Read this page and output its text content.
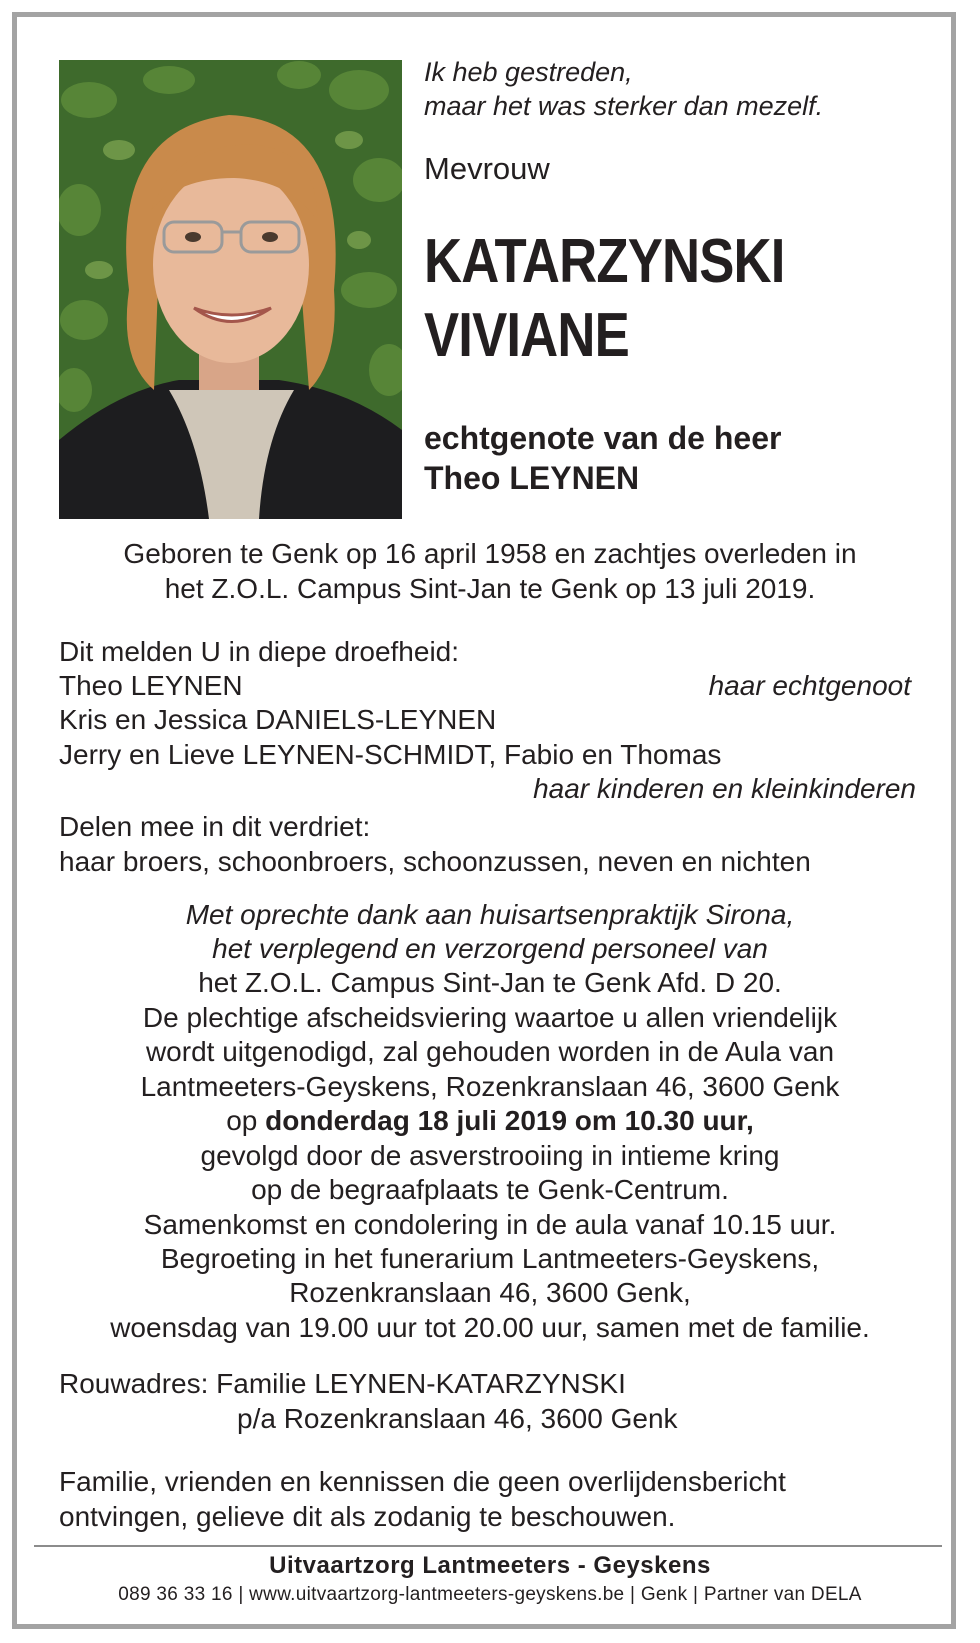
Ik heb gestreden,
maar het was sterker dan mezelf.
Mevrouw
KATARZYNSKI
VIVIANE
echtgenote van de heer
Theo LEYNEN
Geboren te Genk op 16 april 1958 en zachtjes overleden in
het Z.O.L. Campus Sint-Jan te Genk op 13 juli 2019.
Dit melden U in diepe droefheid:
Theo LEYNEN	haar echtgenoot
Kris en Jessica DANIELS-LEYNEN
Jerry en Lieve LEYNEN-SCHMIDT, Fabio en Thomas
haar kinderen en kleinkinderen
Delen mee in dit verdriet:
haar broers, schoonbroers, schoonzussen, neven en nichten
Met oprechte dank aan huisartsenpraktijk Sirona,
het verplegend en verzorgend personeel van
het Z.O.L. Campus Sint-Jan te Genk Afd. D 20.
De plechtige afscheidsviering waartoe u allen vriendelijk
wordt uitgenodigd, zal gehouden worden in de Aula van
Lantmeeters-Geyskens, Rozenkranslaan 46, 3600 Genk
op donderdag 18 juli 2019 om 10.30 uur,
gevolgd door de asverstrooiing in intieme kring
op de begraafplaats te Genk-Centrum.
Samenkomst en condolering in de aula vanaf 10.15 uur.
Begroeting in het funerarium Lantmeeters-Geyskens,
Rozenkranslaan 46, 3600 Genk,
woensdag van 19.00 uur tot 20.00 uur, samen met de familie.
Rouwadres: Familie LEYNEN-KATARZYNSKI
p/a Rozenkranslaan 46, 3600 Genk
Familie, vrienden en kennissen die geen overlijdensbericht
ontvingen, gelieve dit als zodanig te beschouwen.
Uitvaartzorg Lantmeeters - Geyskens
089 36 33 16 | www.uitvaartzorg-lantmeeters-geyskens.be | Genk | Partner van DELA
